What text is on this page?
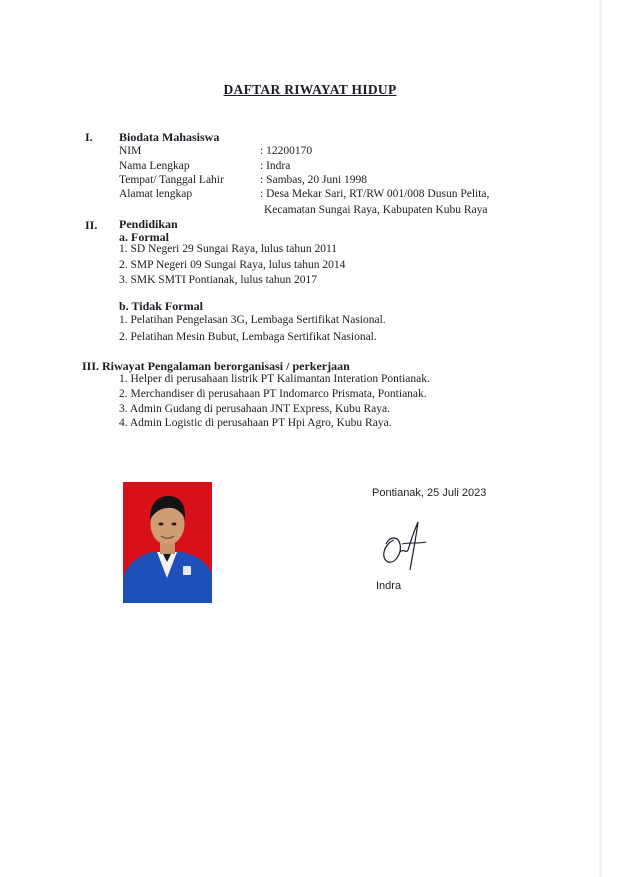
DAFTAR RIWAYAT HIDUP
I. Biodata Mahasiswa
NIM	: 12200170
Nama Lengkap	: Indra
Tempat/ Tanggal Lahir	: Sambas, 20 Juni 1998
Alamat lengkap	: Desa Mekar Sari, RT/RW 001/008 Dusun Pelita,
Kecamatan Sungai Raya, Kabupaten Kubu Raya
II. Pendidikan
a. Formal
1. SD Negeri 29 Sungai Raya, lulus tahun 2011
2. SMP Negeri 09 Sungai Raya, lulus tahun 2014
3. SMK SMTI Pontianak, lulus tahun 2017
b. Tidak Formal
1. Pelatihan Pengelasan 3G, Lembaga Sertifikat Nasional.
2. Pelatihan Mesin Bubut, Lembaga Sertifikat Nasional.
III. Riwayat Pengalaman berorganisasi / perkerjaan
1. Helper di perusahaan listrik PT Kalimantan Interation Pontianak.
2. Merchandiser di perusahaan PT Indomarco Prismata, Pontianak.
3. Admin Gudang di perusahaan JNT Express, Kubu Raya.
4. Admin Logistic di perusahaan PT Hpi Agro, Kubu Raya.
Pontianak, 25 Juli 2023
Indra
